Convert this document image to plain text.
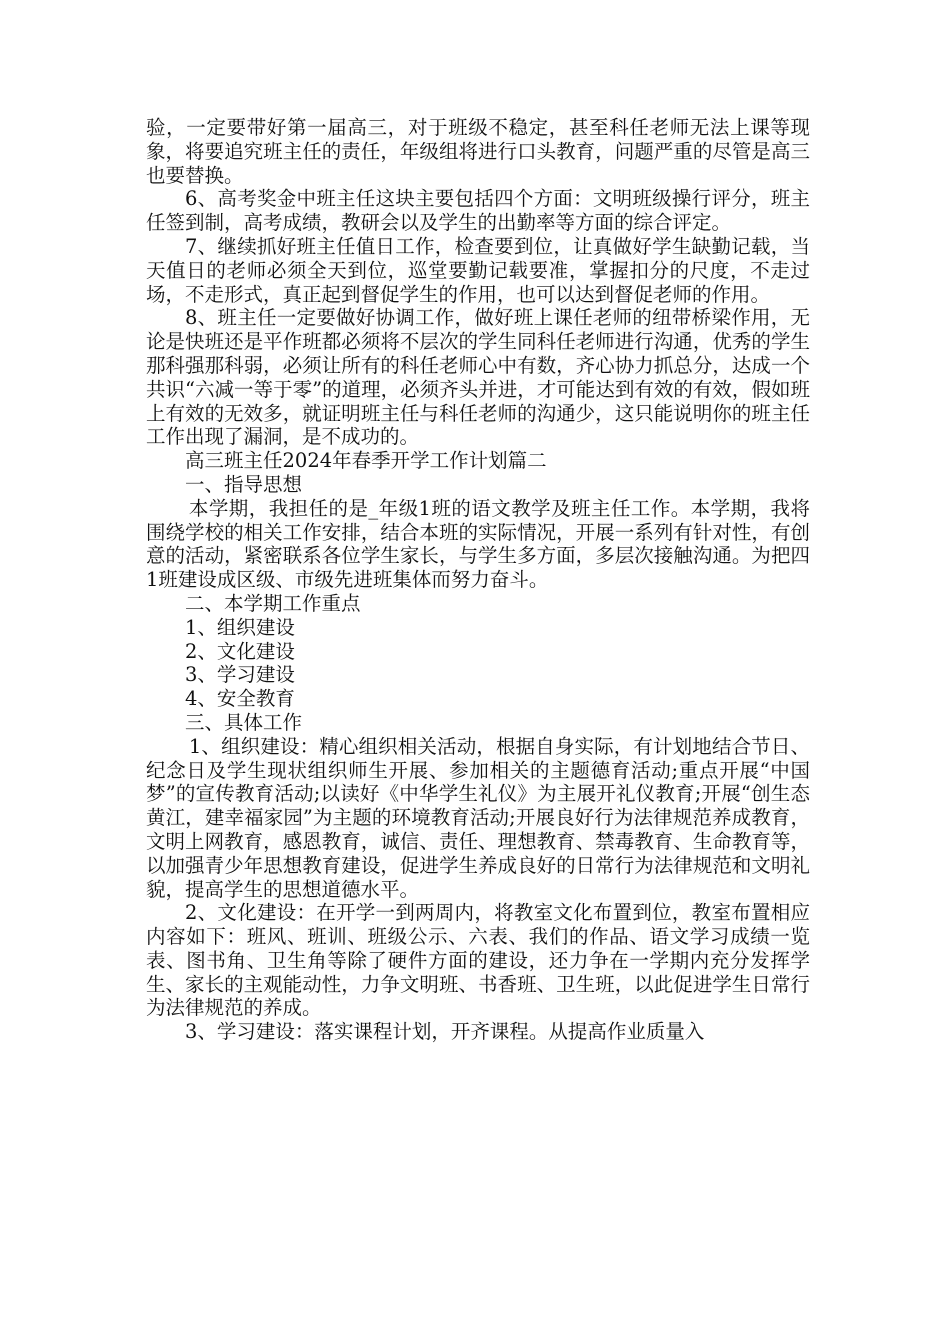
验，一定要带好第一届高三，对于班级不稳定，甚至科任老师无法上课等现象，将要追究班主任的责任，年级组将进行口头教育，问题严重的尽管是高三也要替换。

6、高考奖金中班主任这块主要包括四个方面：文明班级操行评分，班主任签到制，高考成绩，教研会以及学生的出勤率等方面的综合评定。

7、继续抓好班主任值日工作，检查要到位，让真做好学生缺勤记载，当天值日的老师必须全天到位，巡堂要勤记载要准，掌握扣分的尺度，不走过场，不走形式，真正起到督促学生的作用，也可以达到督促老师的作用。

8、班主任一定要做好协调工作，做好班上课任老师的纽带桥梁作用，无论是快班还是平作班都必须将不层次的学生同科任老师进行沟通，优秀的学生那科强那科弱，必须让所有的科任老师心中有数，齐心协力抓总分，达成一个共识“六减一等于零”的道理，必须齐头并进，才可能达到有效的有效，假如班上有效的无效多，就证明班主任与科任老师的沟通少，这只能说明你的班主任工作出现了漏洞，是不成功的。

高三班主任2024年春季开学工作计划篇二

一、指导思想

本学期，我担任的是_年级1班的语文教学及班主任工作。本学期，我将围绕学校的相关工作安排，结合本班的实际情况，开展一系列有针对性，有创意的活动，紧密联系各位学生家长，与学生多方面，多层次接触沟通。为把四1班建设成区级、市级先进班集体而努力奋斗。

二、本学期工作重点

1、组织建设

2、文化建设

3、学习建设

4、安全教育

三、具体工作

1、组织建设：精心组织相关活动，根据自身实际，有计划地结合节日、纪念日及学生现状组织师生开展、参加相关的主题德育活动;重点开展“中国梦”的宣传教育活动;以读好《中华学生礼仪》为主展开礼仪教育;开展“创生态黄江，建幸福家园”为主题的环境教育活动;开展良好行为法律规范养成教育，文明上网教育，感恩教育，诚信、责任、理想教育、禁毒教育、生命教育等，以加强青少年思想教育建设，促进学生养成良好的日常行为法律规范和文明礼貌，提高学生的思想道德水平。

2、文化建设：在开学一到两周内，将教室文化布置到位，教室布置相应内容如下：班风、班训、班级公示、六表、我们的作品、语文学习成绩一览表、图书角、卫生角等除了硬件方面的建设，还力争在一学期内充分发挥学生、家长的主观能动性，力争文明班、书香班、卫生班，以此促进学生日常行为法律规范的养成。

3、学习建设：落实课程计划，开齐课程。从提高作业质量入
